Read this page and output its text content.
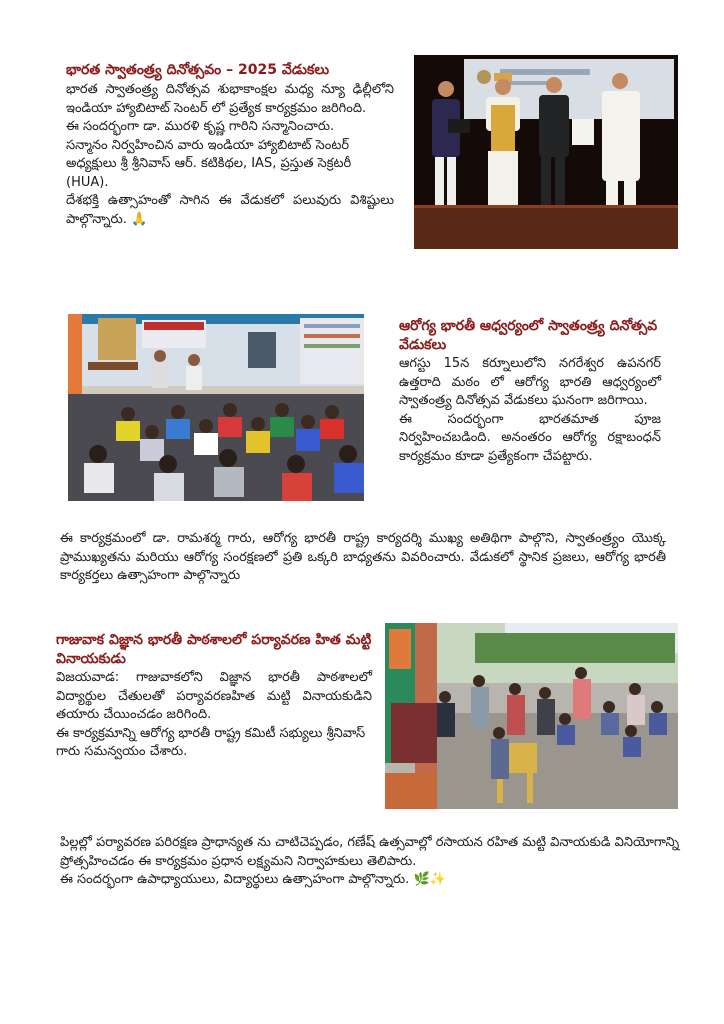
భారత స్వాతంత్ర్య దినోత్సవం – 2025 వేడుకలు

భారత స్వాతంత్ర్య దినోత్సవ శుభాకాంక్షల మధ్య న్యూ ఢిల్లీలోని ఇండియా హ్యాబిటాట్ సెంటర్ లో ప్రత్యేక కార్యక్రమం జరిగింది.

ఈ సందర్భంగా డా. మురళి కృష్ణ గారిని సన్మానించారు.

సన్మానం నిర్వహించిన వారు ఇండియా హ్యాబిటాట్ సెంటర్ అధ్యక్షులు శ్రీ శ్రీనివాస్ ఆర్. కటికిథల, IAS, ప్రస్తుత సెక్రటరీ (HUA).

దేశభక్తి ఉత్సాహంతో సాగిన ఈ వేడుకలో పలువురు విశిష్టులు పాల్గొన్నారు. 🙏

ఆరోగ్య భారతీ ఆధ్వర్యంలో స్వాతంత్ర్య దినోత్సవ వేడుకలు

ఆగస్టు 15న కర్నూలులోని నగరేశ్వర ఉపనగర్ ఉత్తరాది మఠం లో ఆరోగ్య భారతి ఆధ్వర్యంలో స్వాతంత్ర్య దినోత్సవ వేడుకలు ఘనంగా జరిగాయి.

ఈ సందర్భంగా భారతమాత పూజ నిర్వహించబడింది. అనంతరం ఆరోగ్య రక్షాబంధన్ కార్యక్రమం కూడా ప్రత్యేకంగా చేపట్టారు.

ఈ కార్యక్రమంలో డా. రామశర్మ గారు, ఆరోగ్య భారతీ రాష్ట్ర కార్యదర్శి ముఖ్య అతిథిగా పాల్గొని, స్వాతంత్ర్యం యొక్క ప్రాముఖ్యతను మరియు ఆరోగ్య సంరక్షణలో ప్రతి ఒక్కరి బాధ్యతను వివరించారు. వేడుకలో స్థానిక ప్రజలు, ఆరోగ్య భారతీ కార్యకర్తలు ఉత్సాహంగా పాల్గొన్నారు

గాజువాక విజ్ఞాన భారతీ పాఠశాలలో పర్యావరణ హిత మట్టి వినాయకుడు

విజయవాడ: గాజువాకలోని విజ్ఞాన భారతీ పాఠశాలలో విద్యార్థుల చేతులతో పర్యావరణహిత మట్టి వినాయకుడిని తయారు చేయించడం జరిగింది.

ఈ కార్యక్రమాన్ని ఆరోగ్య భారతీ రాష్ట్ర కమిటీ సభ్యులు శ్రీనివాస్ గారు సమన్వయం చేశారు.

పిల్లల్లో పర్యావరణ పరిరక్షణ ప్రాధాన్యత ను చాటిచెప్పడం, గణేష్ ఉత్సవాల్లో రసాయన రహిత మట్టి వినాయకుడి వినియోగాన్ని ప్రోత్సహించడం ఈ కార్యక్రమం ప్రధాన లక్ష్యమని నిర్వాహకులు తెలిపారు.

ఈ సందర్భంగా ఉపాధ్యాయులు, విద్యార్థులు ఉత్సాహంగా పాల్గొన్నారు. 🌿✨
